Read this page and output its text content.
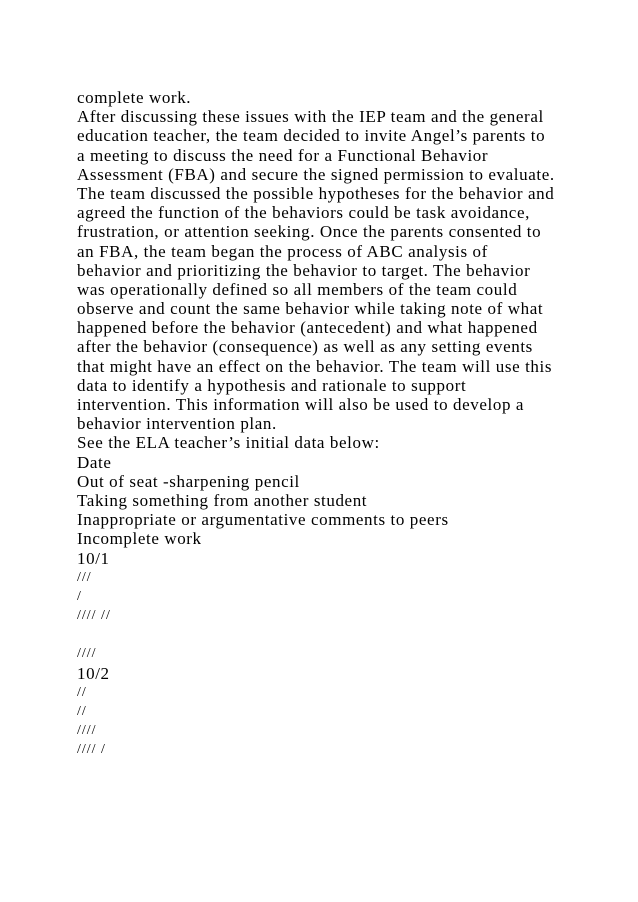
complete work.
After discussing these issues with the IEP team and the general
education teacher, the team decided to invite Angel’s parents to
a meeting to discuss the need for a Functional Behavior
Assessment (FBA) and secure the signed permission to evaluate.
The team discussed the possible hypotheses for the behavior and
agreed the function of the behaviors could be task avoidance,
frustration, or attention seeking. Once the parents consented to
an FBA, the team began the process of ABC analysis of
behavior and prioritizing the behavior to target. The behavior
was operationally defined so all members of the team could
observe and count the same behavior while taking note of what
happened before the behavior (antecedent) and what happened
after the behavior (consequence) as well as any setting events
that might have an effect on the behavior. The team will use this
data to identify a hypothesis and rationale to support
intervention. This information will also be used to develop a
behavior intervention plan.
See the ELA teacher’s initial data below:
Date
Out of seat -sharpening pencil
Taking something from another student
Inappropriate or argumentative comments to peers
Incomplete work
10/1
///
/
//// //
////
10/2
//
//
////
//// /
